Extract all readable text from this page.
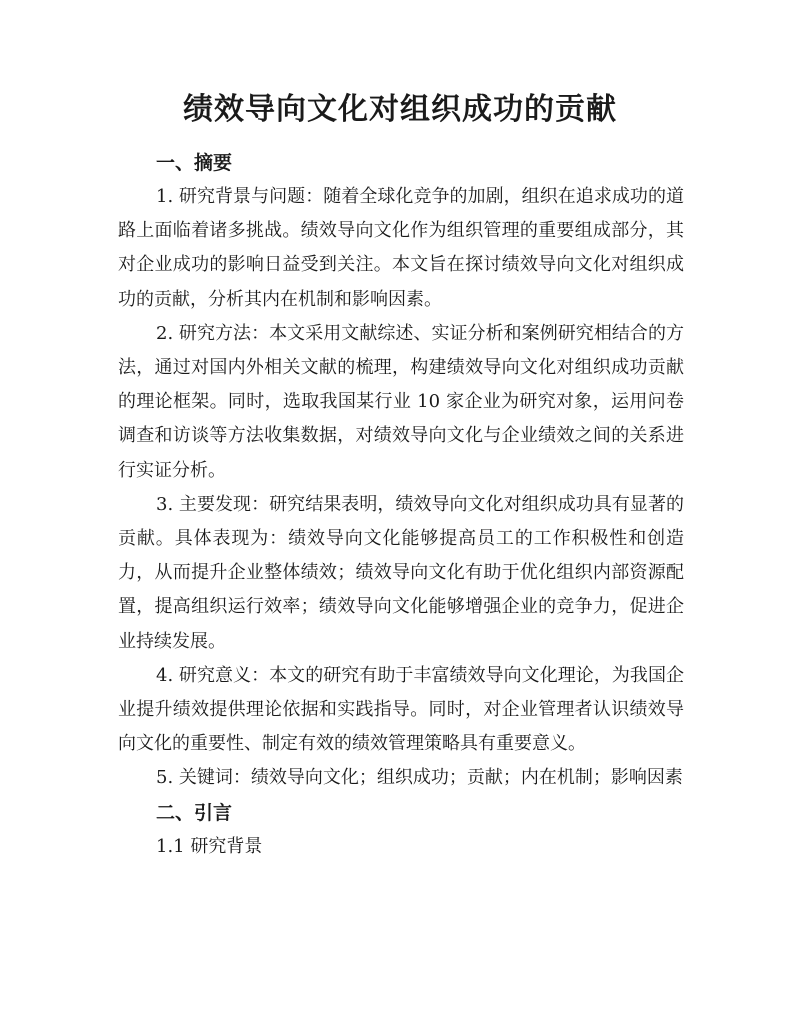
绩效导向文化对组织成功的贡献
一、摘要

1. 研究背景与问题：随着全球化竞争的加剧，组织在追求成功的道路上面临着诸多挑战。绩效导向文化作为组织管理的重要组成部分，其对企业成功的影响日益受到关注。本文旨在探讨绩效导向文化对组织成功的贡献，分析其内在机制和影响因素。

2. 研究方法：本文采用文献综述、实证分析和案例研究相结合的方法，通过对国内外相关文献的梳理，构建绩效导向文化对组织成功贡献的理论框架。同时，选取我国某行业 10 家企业为研究对象，运用问卷调查和访谈等方法收集数据，对绩效导向文化与企业绩效之间的关系进行实证分析。

3. 主要发现：研究结果表明，绩效导向文化对组织成功具有显著的贡献。具体表现为：绩效导向文化能够提高员工的工作积极性和创造力，从而提升企业整体绩效；绩效导向文化有助于优化组织内部资源配置，提高组织运行效率；绩效导向文化能够增强企业的竞争力，促进企业持续发展。

4. 研究意义：本文的研究有助于丰富绩效导向文化理论，为我国企业提升绩效提供理论依据和实践指导。同时，对企业管理者认识绩效导向文化的重要性、制定有效的绩效管理策略具有重要意义。

5. 关键词：绩效导向文化；组织成功；贡献；内在机制；影响因素

二、引言

1.1 研究背景
